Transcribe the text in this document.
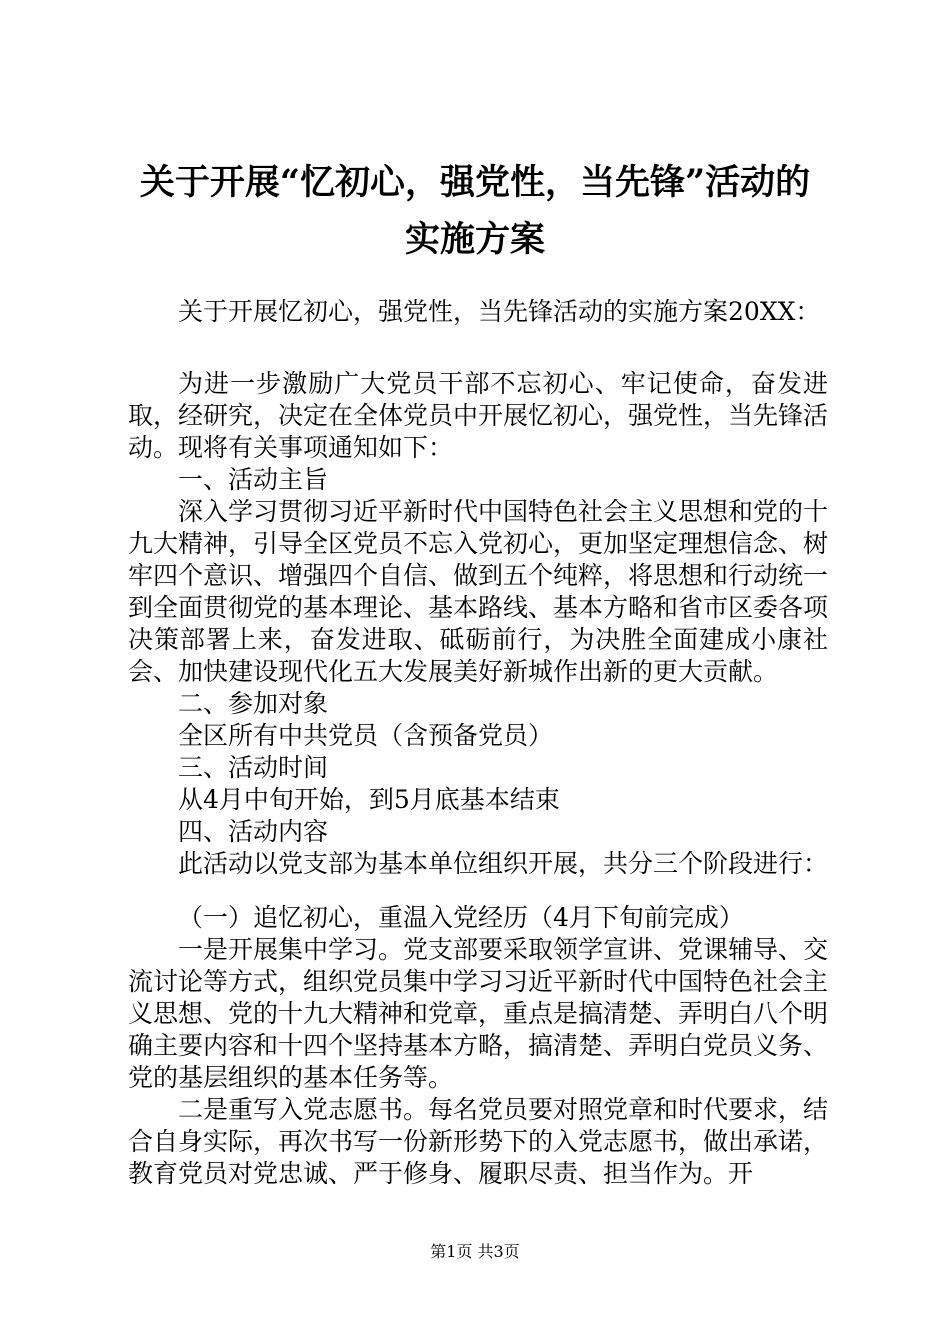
关于开展“忆初心，强党性，当先锋”活动的
实施方案

关于开展忆初心，强党性，当先锋活动的实施方案20XX：

为进一步激励广大党员干部不忘初心、牢记使命，奋发进取，经研究，决定在全体党员中开展忆初心，强党性，当先锋活动。现将有关事项通知如下：

一、活动主旨

深入学习贯彻习近平新时代中国特色社会主义思想和党的十九大精神，引导全区党员不忘入党初心，更加坚定理想信念、树牢四个意识、增强四个自信、做到五个纯粹，将思想和行动统一到全面贯彻党的基本理论、基本路线、基本方略和省市区委各项决策部署上来，奋发进取、砥砺前行，为决胜全面建成小康社会、加快建设现代化五大发展美好新城作出新的更大贡献。

二、参加对象

全区所有中共党员（含预备党员）

三、活动时间

从4月中旬开始，到5月底基本结束

四、活动内容

此活动以党支部为基本单位组织开展，共分三个阶段进行：

（一）追忆初心，重温入党经历（4月下旬前完成）

一是开展集中学习。党支部要采取领学宣讲、党课辅导、交流讨论等方式，组织党员集中学习习近平新时代中国特色社会主义思想、党的十九大精神和党章，重点是搞清楚、弄明白八个明确主要内容和十四个坚持基本方略，搞清楚、弄明白党员义务、党的基层组织的基本任务等。

二是重写入党志愿书。每名党员要对照党章和时代要求，结合自身实际，再次书写一份新形势下的入党志愿书，做出承诺，教育党员对党忠诚、严于修身、履职尽责、担当作为。开

第1页 共3页
